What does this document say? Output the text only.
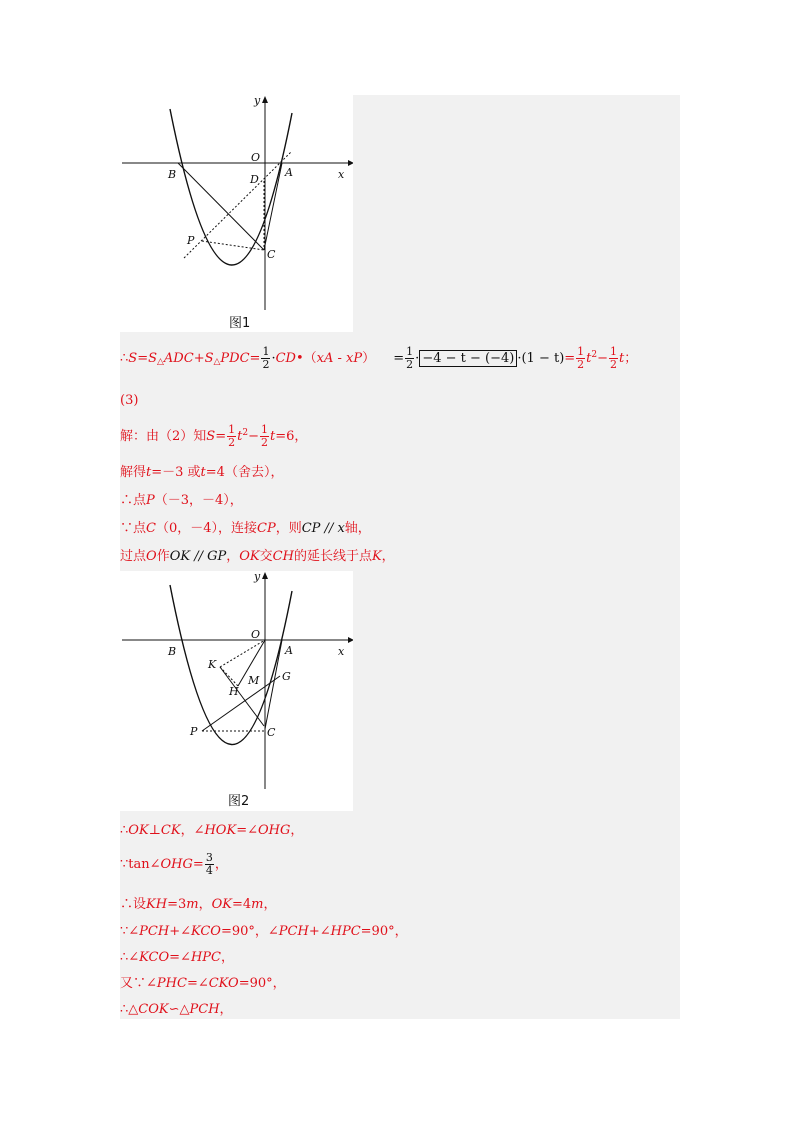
y
x
O
A
B
C
D
P
图1
$\therefore S=S_\triangle ADC+S_\triangle PDC= \frac{1}{2}$ ·CD•（xA - $xP) = \frac{1}{2} \cdot -4 - t - (-4) \cdot(1 - t)= \frac{1}{2} t^2- \frac{1}{2}$ t；
(3)
解：由（2）知$S= \frac{1}{2} t^2- \frac{1}{2} t=6$，
解得t=－3 或t=4（舍去），
∴点P（－3，－4），
∵点C（0，－4），连接CP，则CP // x轴，
过点O作OK // GP，OK交CH的延长线于点K，
y
x
O
A
B
C
P
K
H
M G
图2
∴OK⊥CK，∠HOK=∠OHG，
∵tan∠OHG= $\frac{3}{4}$ ，
∴设KH=3m，OK=4m，
∵∠PCH+∠KCO=90°，∠PCH+∠HPC=90°，
∴∠KCO=∠HPC，
又∵∠PHC=∠CKO=90°，
∴△COK∽△PCH，
